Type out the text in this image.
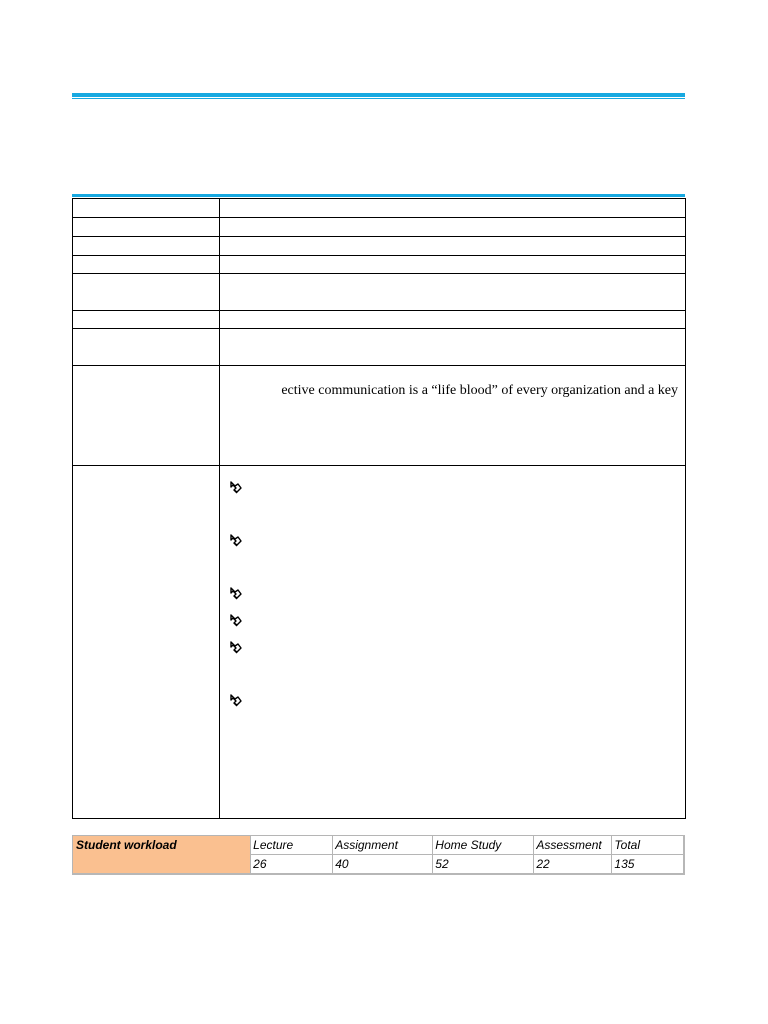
	ective communication is a “life blood” of every organization and a key

Student workload	Lecture	Assignment	Home Study	Assessment	Total
	26	40	52	22	135
